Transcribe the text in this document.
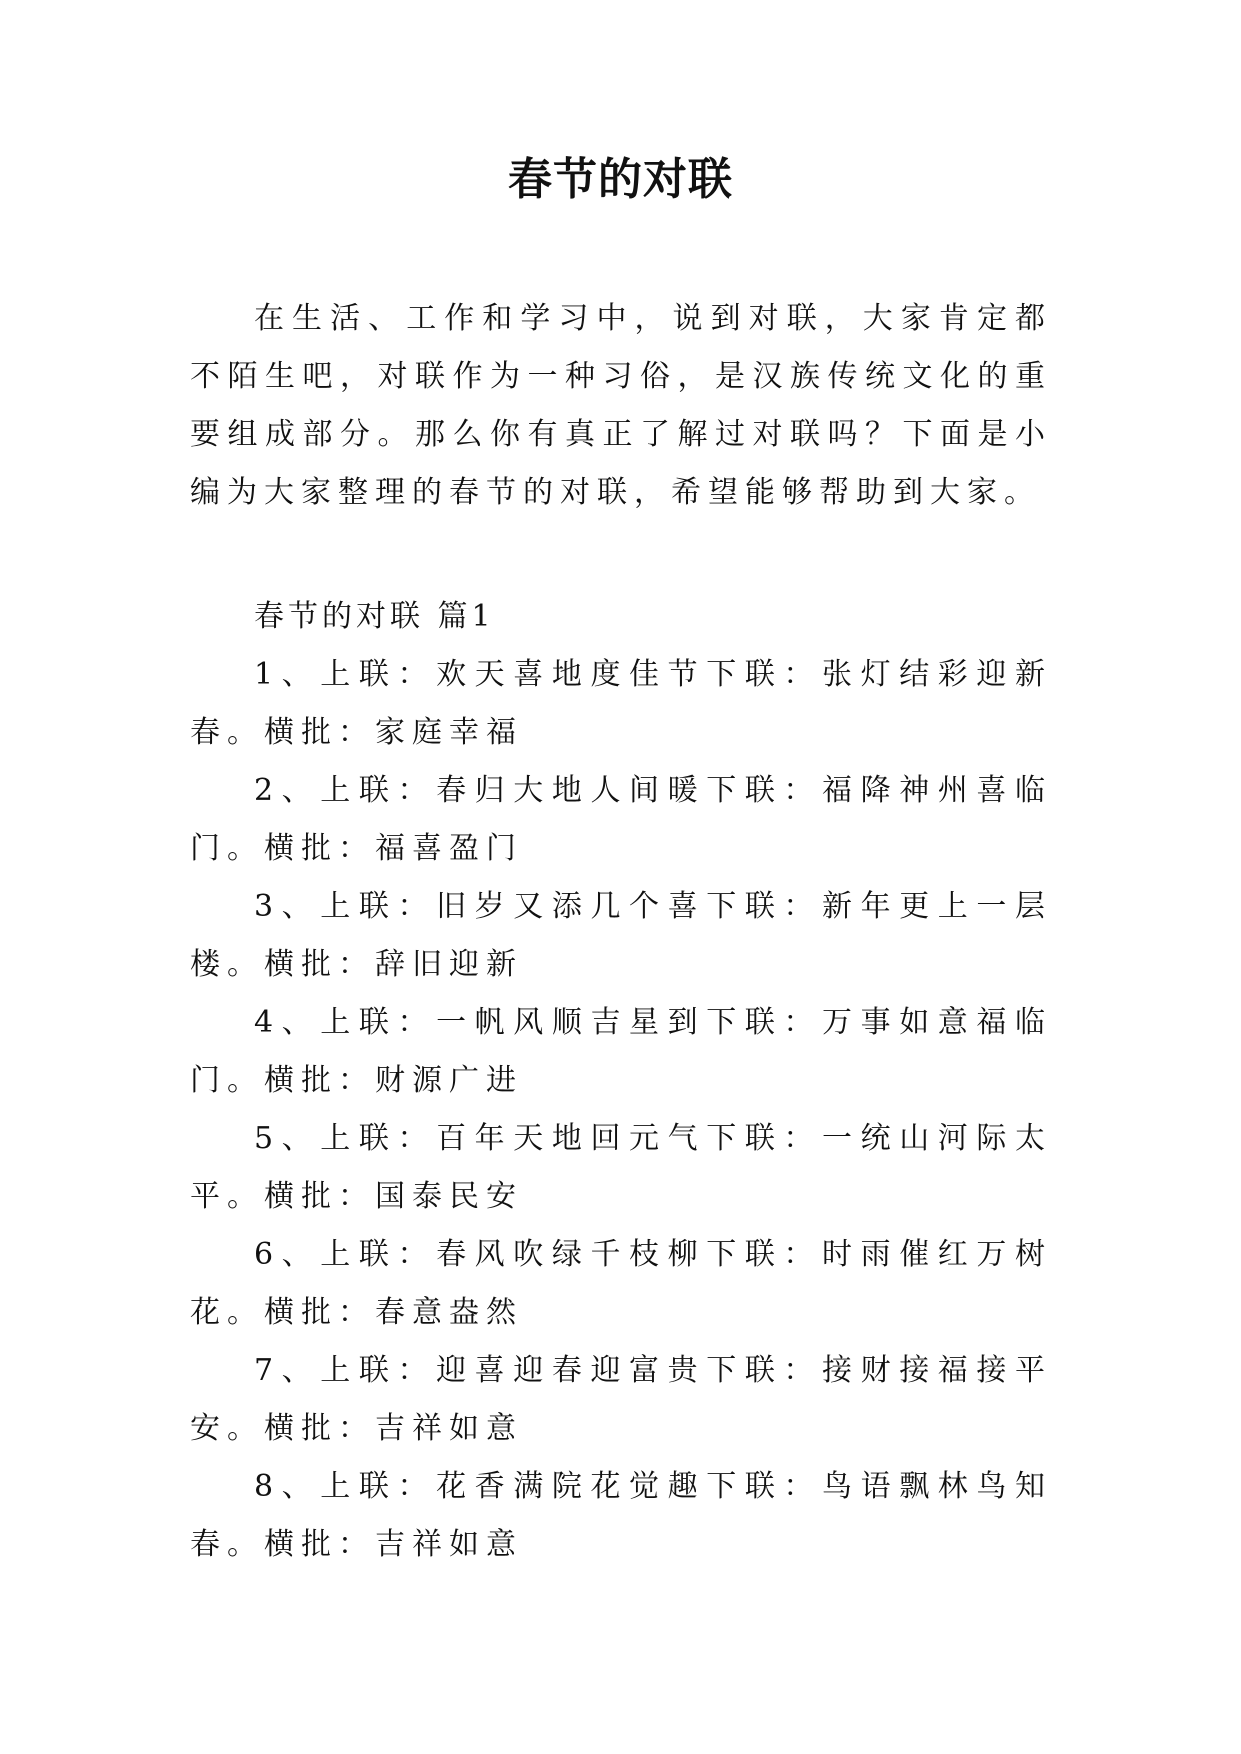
春节的对联

在生活、工作和学习中，说到对联，大家肯定都不陌生吧，对联作为一种习俗，是汉族传统文化的重要组成部分。那么你有真正了解过对联吗？下面是小编为大家整理的春节的对联，希望能够帮助到大家。

春节的对联 篇1

1、上联：欢天喜地度佳节下联：张灯结彩迎新春。横批：家庭幸福

2、上联：春归大地人间暖下联：福降神州喜临门。横批：福喜盈门

3、上联：旧岁又添几个喜下联：新年更上一层楼。横批：辞旧迎新

4、上联：一帆风顺吉星到下联：万事如意福临门。横批：财源广进

5、上联：百年天地回元气下联：一统山河际太平。横批：国泰民安

6、上联：春风吹绿千枝柳下联：时雨催红万树花。横批：春意盎然

7、上联：迎喜迎春迎富贵下联：接财接福接平安。横批：吉祥如意

8、上联：花香满院花觉趣下联：鸟语飘林鸟知春。横批：吉祥如意
